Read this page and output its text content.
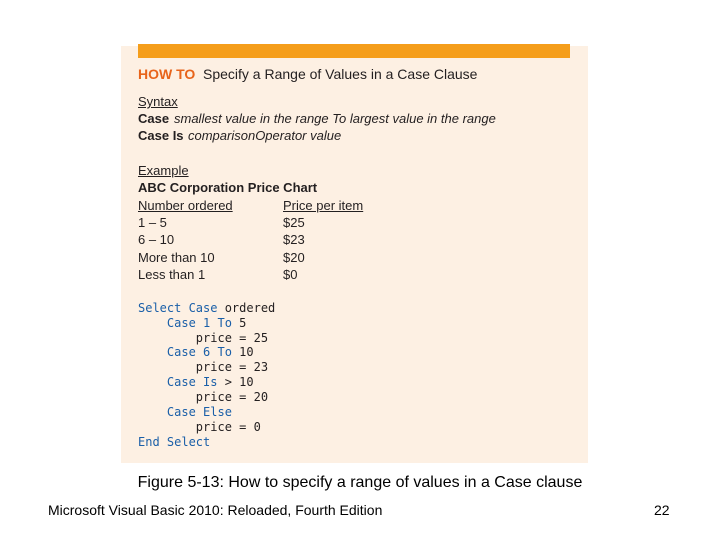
HOW TO Specify a Range of Values in a Case Clause
Syntax
Case smallest value in the range To largest value in the range
Case Is comparisonOperator value
Example
ABC Corporation Price Chart
Number ordered	Price per item
1 – 5	$25
6 – 10	$23
More than 10	$20
Less than 1	$0
Select Case ordered
Case 1 To 5
price = 25
Case 6 To 10
price = 23
Case Is > 10
price = 20
Case Else
price = 0
End Select
Figure 5-13: How to specify a range of values in a Case clause
Microsoft Visual Basic 2010: Reloaded, Fourth Edition	22
